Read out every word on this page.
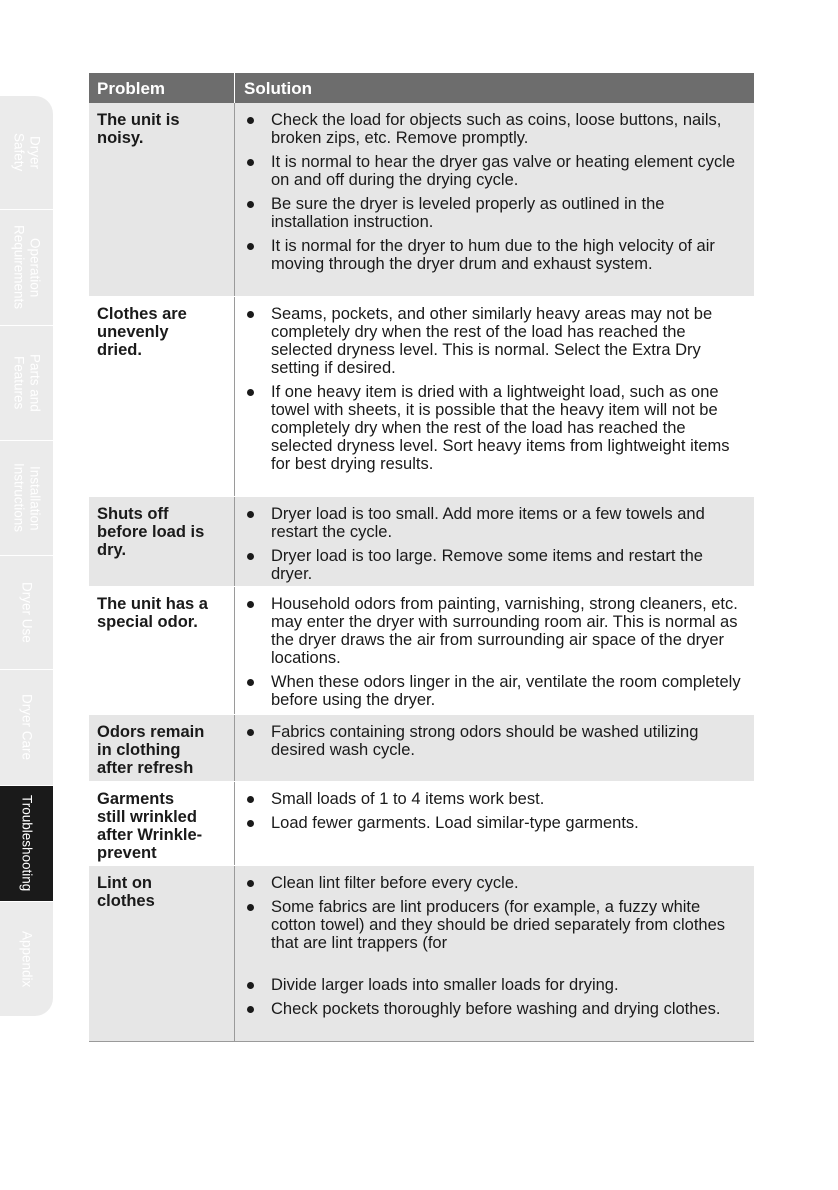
Dryer
Safety
Operation
Requirements
Parts and
Features
Installation
Instructions
Dryer Use
Dryer Care
Troubleshooting
Appendix
Problem	Solution
The unit is
noisy.
Check the load for objects such as coins, loose buttons, nails, broken zips, etc. Remove promptly.
It is normal to hear the dryer gas valve or heating element cycle on and off during the drying cycle.
Be sure the dryer is leveled properly as outlined in the installation instruction.
It is normal for the dryer to hum due to the high velocity of air moving through the dryer drum and exhaust system.
Clothes are
unevenly
dried.
Seams, pockets, and other similarly heavy areas may not be completely dry when the rest of the load has reached the selected dryness level. This is normal. Select the Extra Dry setting if desired.
If one heavy item is dried with a lightweight load, such as one towel with sheets, it is possible that the heavy item will not be completely dry when the rest of the load has reached the selected dryness level. Sort heavy items from lightweight items for best drying results.
Shuts off
before load is
dry.
Dryer load is too small. Add more items or a few towels and restart the cycle.
Dryer load is too large. Remove some items and restart the dryer.
The unit has a
special odor.
Household odors from painting, varnishing, strong cleaners, etc. may enter the dryer with surrounding room air. This is normal as the dryer draws the air from surrounding air space of the dryer locations.
When these odors linger in the air, ventilate the room completely before using the dryer.
Odors remain
in clothing
after refresh
Fabrics containing strong odors should be washed utilizing desired wash cycle.
Garments
still wrinkled
after Wrinkle-
prevent
Small loads of 1 to 4 items work best.
Load fewer garments. Load similar-type garments.
Lint on
clothes
Clean lint filter before every cycle.
Some fabrics are lint producers (for example, a fuzzy white cotton towel) and they should be dried separately from clothes that are lint trappers (for
Divide larger loads into smaller loads for drying.
Check pockets thoroughly before washing and drying clothes.
